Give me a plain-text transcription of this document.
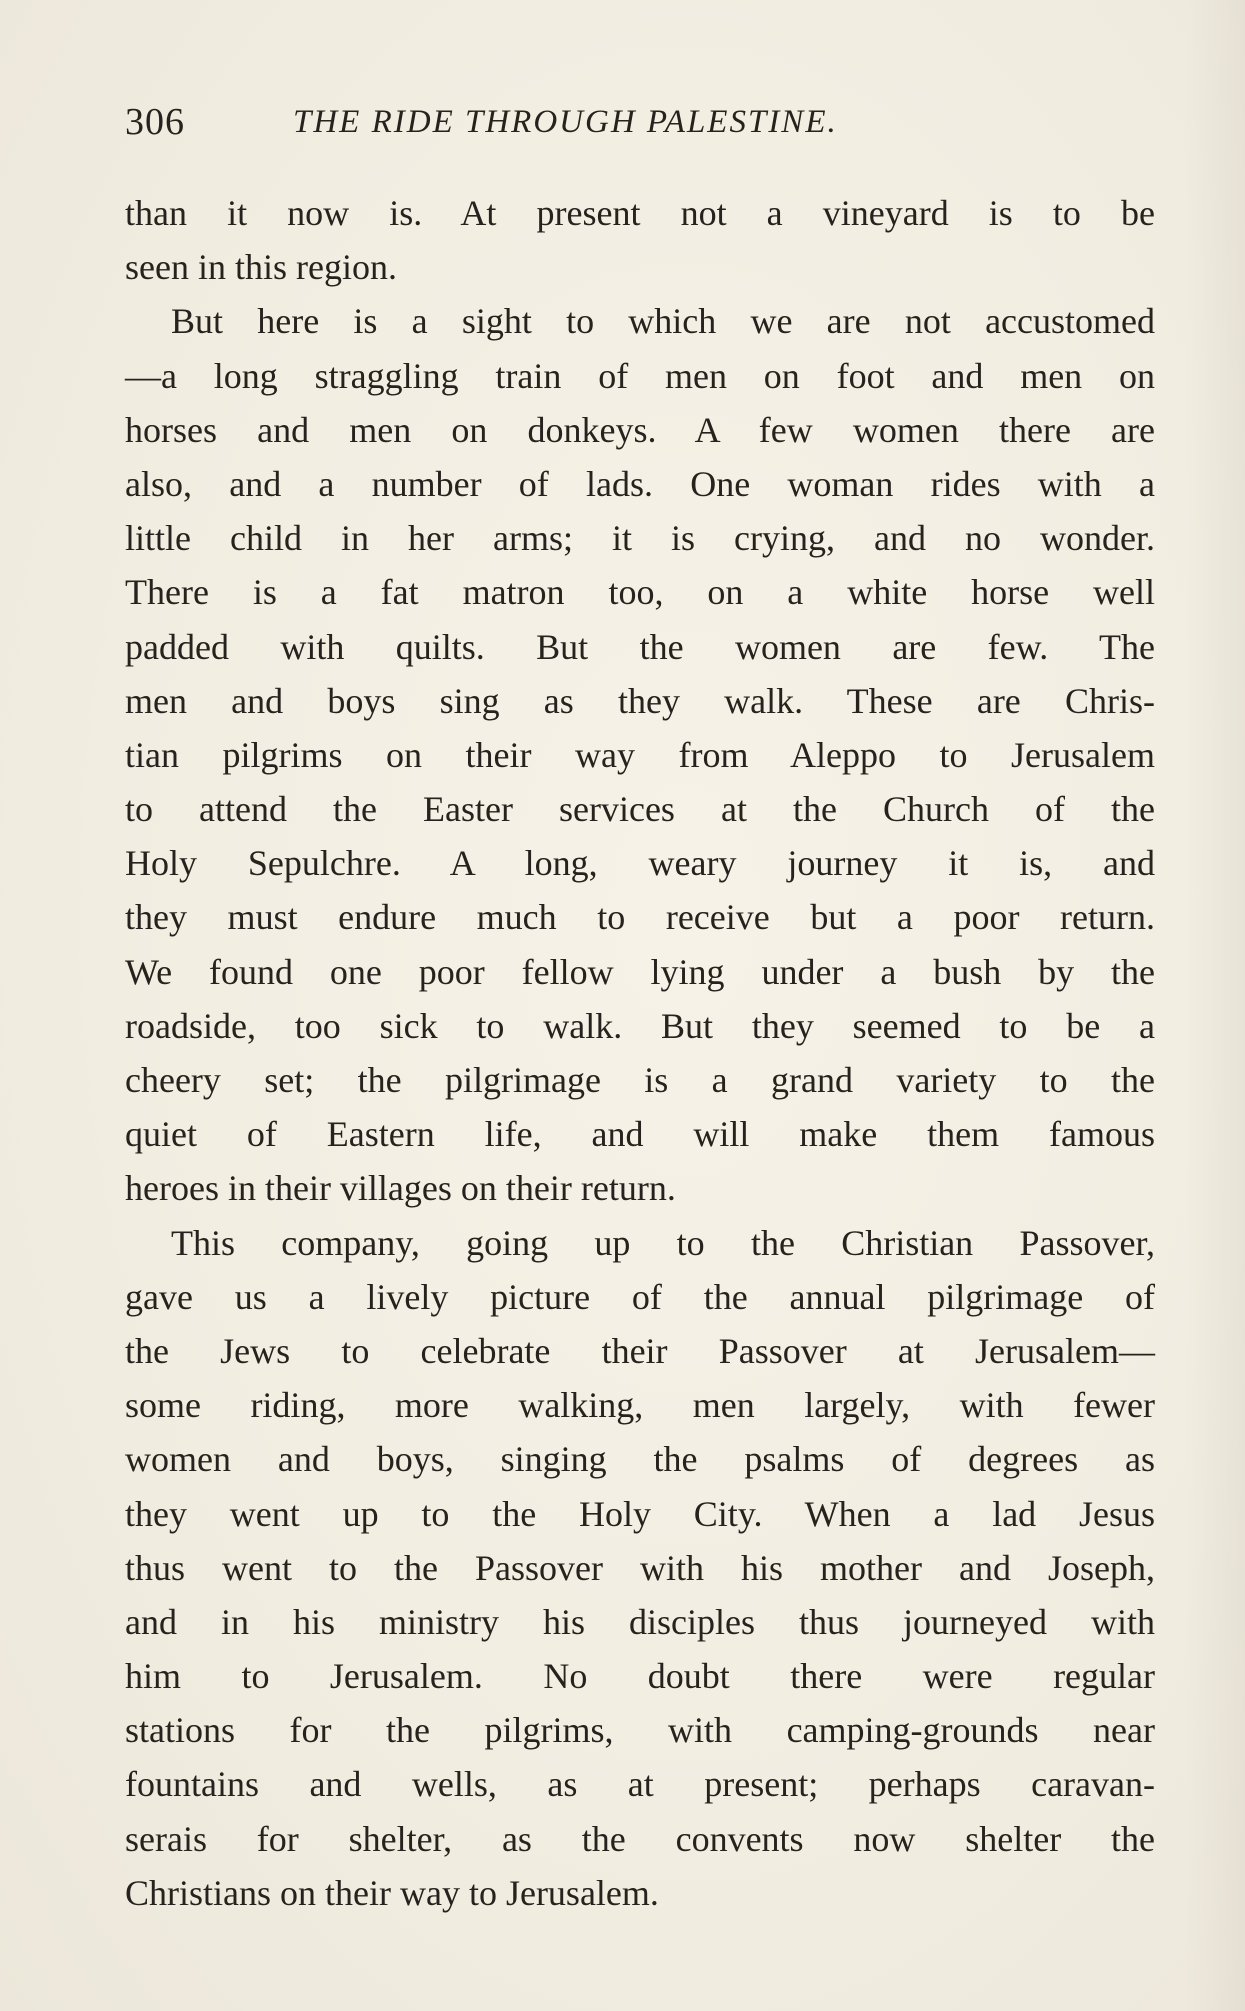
306	THE RIDE THROUGH PALESTINE.
than it now is. At present not a vineyard is to be
seen in this region.
But here is a sight to which we are not accustomed
—a long straggling train of men on foot and men on
horses and men on donkeys. A few women there are
also, and a number of lads. One woman rides with a
little child in her arms; it is crying, and no wonder.
There is a fat matron too, on a white horse well
padded with quilts. But the women are few. The
men and boys sing as they walk. These are Chris-
tian pilgrims on their way from Aleppo to Jerusalem
to attend the Easter services at the Church of the
Holy Sepulchre. A long, weary journey it is, and
they must endure much to receive but a poor return.
We found one poor fellow lying under a bush by the
roadside, too sick to walk. But they seemed to be a
cheery set; the pilgrimage is a grand variety to the
quiet of Eastern life, and will make them famous
heroes in their villages on their return.
This company, going up to the Christian Passover,
gave us a lively picture of the annual pilgrimage of
the Jews to celebrate their Passover at Jerusalem—
some riding, more walking, men largely, with fewer
women and boys, singing the psalms of degrees as
they went up to the Holy City. When a lad Jesus
thus went to the Passover with his mother and Joseph,
and in his ministry his disciples thus journeyed with
him to Jerusalem. No doubt there were regular
stations for the pilgrims, with camping-grounds near
fountains and wells, as at present; perhaps caravan-
serais for shelter, as the convents now shelter the
Christians on their way to Jerusalem.
